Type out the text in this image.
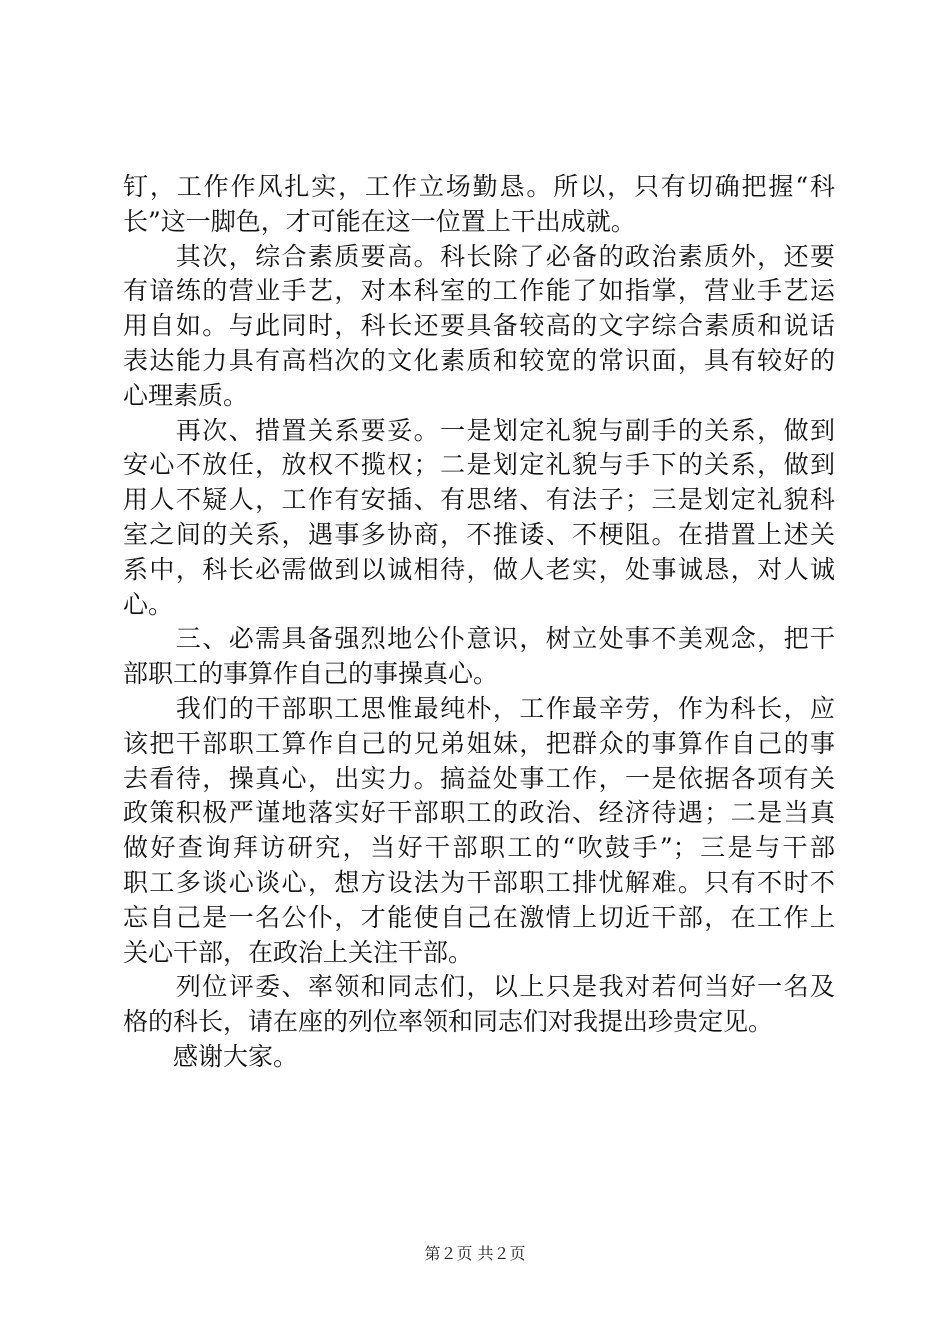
钉，工作作风扎实，工作立场勤恳。所以，只有切确把握“科
长”这一脚色，才可能在这一位置上干出成就。
　　其次，综合素质要高。科长除了必备的政治素质外，还要
有谙练的营业手艺，对本科室的工作能了如指掌，营业手艺运
用自如。与此同时，科长还要具备较高的文字综合素质和说话
表达能力具有高档次的文化素质和较宽的常识面，具有较好的
心理素质。
　　再次、措置关系要妥。一是划定礼貌与副手的关系，做到
安心不放任，放权不揽权；二是划定礼貌与手下的关系，做到
用人不疑人，工作有安插、有思绪、有法子；三是划定礼貌科
室之间的关系，遇事多协商，不推诿、不梗阻。在措置上述关
系中，科长必需做到以诚相待，做人老实，处事诚恳，对人诚
心。
　　三、必需具备强烈地公仆意识，树立处事不美观念，把干
部职工的事算作自己的事操真心。
　　我们的干部职工思惟最纯朴，工作最辛劳，作为科长，应
该把干部职工算作自己的兄弟姐妹，把群众的事算作自己的事
去看待，操真心，出实力。搞益处事工作，一是依据各项有关
政策积极严谨地落实好干部职工的政治、经济待遇；二是当真
做好查询拜访研究，当好干部职工的“吹鼓手”；三是与干部
职工多谈心谈心，想方设法为干部职工排忧解难。只有不时不
忘自己是一名公仆，才能使自己在激情上切近干部，在工作上
关心干部，在政治上关注干部。
　　列位评委、率领和同志们，以上只是我对若何当好一名及
格的科长，请在座的列位率领和同志们对我提出珍贵定见。
　　感谢大家。
第２页 共２页
